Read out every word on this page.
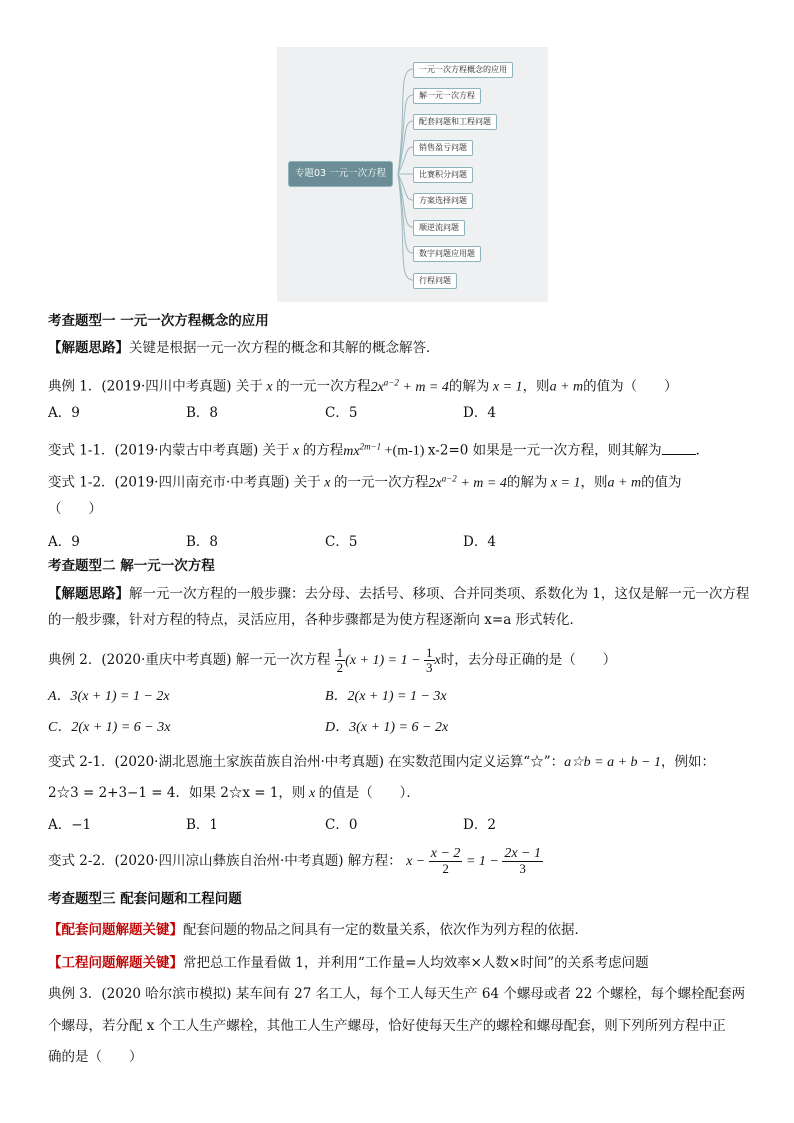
专题03 一元一次方程
一元一次方程概念的应用
解一元一次方程
配套问题和工程问题
销售盈亏问题
比赛积分问题
方案选择问题
顺逆流问题
数字问题应用题
行程问题
考查题型一 一元一次方程概念的应用
【解题思路】关键是根据一元一次方程的概念和其解的概念解答．
典例 1．(2019·四川中考真题) 关于 x 的一元一次方程$2x^{a-2} + m = 4$的解为 x = 1，则a + m的值为（　　）
A．9	B．8	C．5	D．4
变式 1-1．(2019·内蒙古中考真题) 关于 x 的方程$mx^{2m-1} +(m-1)$ x-2=0 如果是一元一次方程，则其解为	．
变式 1-2．(2019·四川南充市·中考真题) 关于 x 的一元一次方程$2x^{a-2} + m = 4$的解为 x = 1，则a + m的值为
（　　）
A．9	B．8	C．5	D．4
考查题型二 解一元一次方程
【解题思路】解一元一次方程的一般步骤：去分母、去括号、移项、合并同类项、系数化为 1，这仅是解一元一次方程
的一般步骤，针对方程的特点，灵活应用，各种步骤都是为使方程逐渐向 x=a 形式转化．
典例 2．(2020·重庆中考真题) 解一元一次方程 $\frac{1}{2} (x + 1) = 1 - \frac{1}{3}$ x时，去分母正确的是（　　）
A．3(x + 1) = 1 − 2x	B．2(x + 1) = 1 − 3x
C．2(x + 1) = 6 − 3x	D．3(x + 1) = 6 − 2x
变式 2-1．(2020·湖北恩施土家族苗族自治州·中考真题) 在实数范围内定义运算“☆”：a☆b = a + b − 1，例如：
2☆3 = 2+3−1 = 4．如果 2☆x = 1，则 x 的值是（　　）．
A．−1	B．1	C．0	D．2
变式 2-2．(2020·四川凉山彝族自治州·中考真题) 解方程： $x - \frac{x - 2}{2} = 1 - \frac{2x - 1}{3}$
考查题型三 配套问题和工程问题
【配套问题解题关键】配套问题的物品之间具有一定的数量关系，依次作为列方程的依据．
【工程问题解题关键】常把总工作量看做 1，并利用“工作量=人均效率×人数×时间”的关系考虑问题
典例 3．(2020 哈尔滨市模拟) 某车间有 27 名工人，每个工人每天生产 64 个螺母或者 22 个螺栓，每个螺栓配套两
个螺母，若分配 x 个工人生产螺栓，其他工人生产螺母，恰好使每天生产的螺栓和螺母配套，则下列所列方程中正
确的是（　　）
